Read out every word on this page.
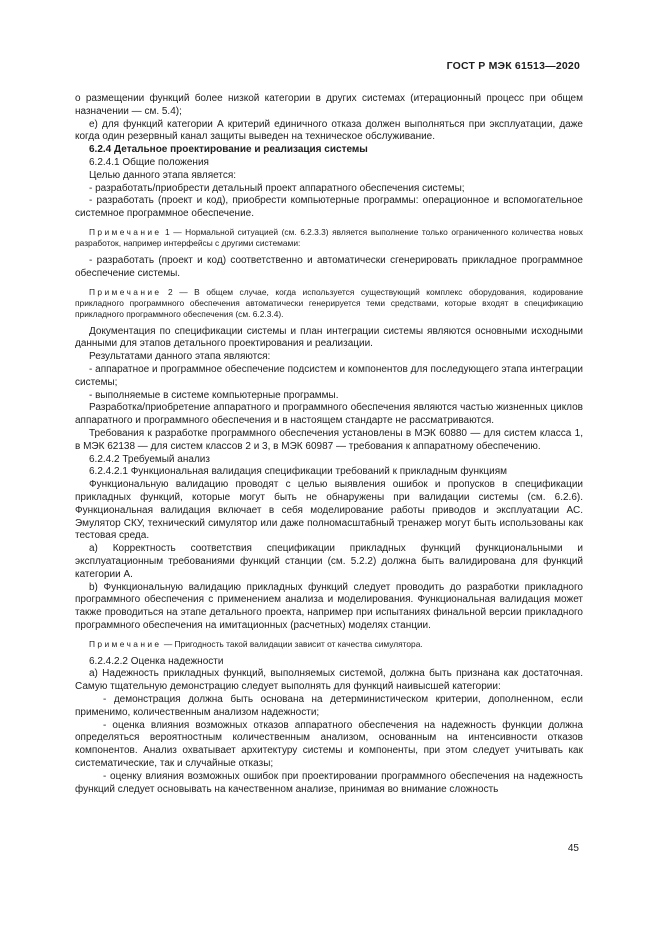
ГОСТ Р МЭК 61513—2020

о размещении функций более низкой категории в других системах (итерационный процесс при общем назначении — см. 5.4);

е) для функций категории А критерий единичного отказа должен выполняться при эксплуатации, даже когда один резервный канал защиты выведен на техническое обслуживание.

6.2.4 Детальное проектирование и реализация системы

6.2.4.1 Общие положения

Целью данного этапа является:

- разработать/приобрести детальный проект аппаратного обеспечения системы;

- разработать (проект и код), приобрести компьютерные программы: операционное и вспомогательное системное программное обеспечение.

Примечание 1 — Нормальной ситуацией (см. 6.2.3.3) является выполнение только ограниченного количества новых разработок, например интерфейсы с другими системами:

- разработать (проект и код) соответственно и автоматически сгенерировать прикладное программное обеспечение системы.

Примечание 2 — В общем случае, когда используется существующий комплекс оборудования, кодирование прикладного программного обеспечения автоматически генерируется теми средствами, которые входят в спецификацию прикладного программного обеспечения (см. 6.2.3.4).

Документация по спецификации системы и план интеграции системы являются основными исходными данными для этапов детального проектирования и реализации.

Результатами данного этапа являются:

- аппаратное и программное обеспечение подсистем и компонентов для последующего этапа интеграции системы;

- выполняемые в системе компьютерные программы.

Разработка/приобретение аппаратного и программного обеспечения являются частью жизненных циклов аппаратного и программного обеспечения и в настоящем стандарте не рассматриваются.

Требования к разработке программного обеспечения установлены в МЭК 60880 — для систем класса 1, в МЭК 62138 — для систем классов 2 и 3, в МЭК 60987 — требования к аппаратному обеспечению.

6.2.4.2 Требуемый анализ

6.2.4.2.1 Функциональная валидация спецификации требований к прикладным функциям

Функциональную валидацию проводят с целью выявления ошибок и пропусков в спецификации прикладных функций, которые могут быть не обнаружены при валидации системы (см. 6.2.6). Функциональная валидация включает в себя моделирование работы приводов и эксплуатации АС. Эмулятор СКУ, технический симулятор или даже полномасштабный тренажер могут быть использованы как тестовая среда.

a) Корректность соответствия спецификации прикладных функций функциональными и эксплуатационным требованиями функций станции (см. 5.2.2) должна быть валидирована для функций категории А.

b) Функциональную валидацию прикладных функций следует проводить до разработки прикладного программного обеспечения с применением анализа и моделирования. Функциональная валидация может также проводиться на этапе детального проекта, например при испытаниях финальной версии прикладного программного обеспечения на имитационных (расчетных) моделях станции.

Примечание — Пригодность такой валидации зависит от качества симулятора.

6.2.4.2.2 Оценка надежности

a) Надежность прикладных функций, выполняемых системой, должна быть признана как достаточная. Самую тщательную демонстрацию следует выполнять для функций наивысшей категории:

- демонстрация должна быть основана на детерминистическом критерии, дополненном, если применимо, количественным анализом надежности;

- оценка влияния возможных отказов аппаратного обеспечения на надежность функции должна определяться вероятностным количественным анализом, основанным на интенсивности отказов компонентов. Анализ охватывает архитектуру системы и компоненты, при этом следует учитывать как систематические, так и случайные отказы;

- оценку влияния возможных ошибок при проектировании программного обеспечения на надежность функций следует основывать на качественном анализе, принимая во внимание сложность

45
